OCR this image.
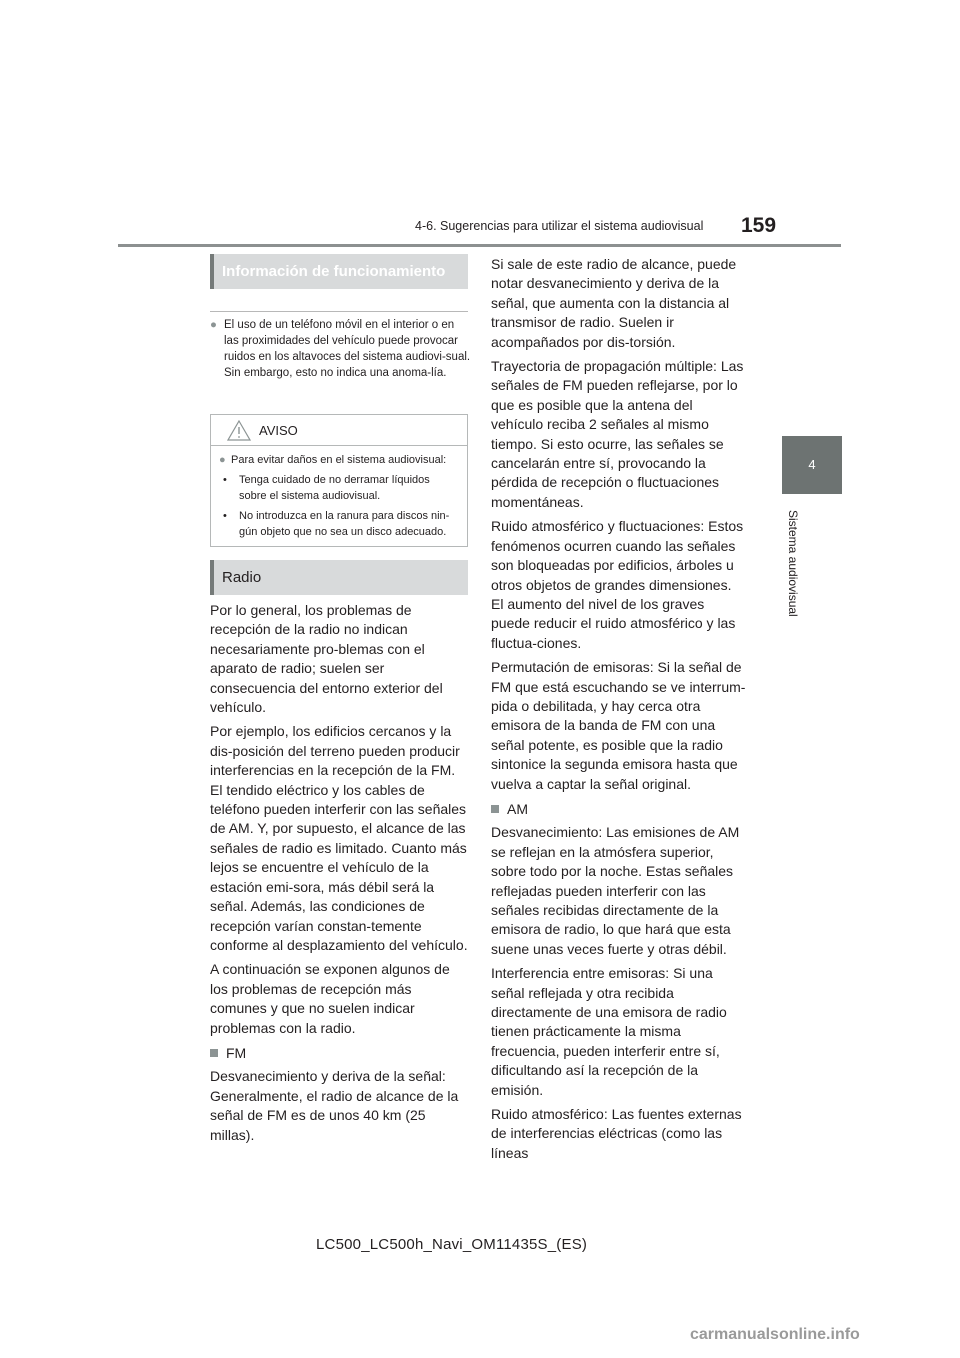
4-6. Sugerencias para utilizar el sistema audiovisual 159
4
Sistema audiovisual
Información de funcionamiento
● El uso de un teléfono móvil en el interior o en las proximidades del vehículo puede provocar ruidos en los altavoces del sistema audiovi-sual. Sin embargo, esto no indica una anoma-lía.
AVISO
● Para evitar daños en el sistema audiovisual:
• Tenga cuidado de no derramar líquidos sobre el sistema audiovisual.
• No introduzca en la ranura para discos nin-gún objeto que no sea un disco adecuado.
Radio

Por lo general, los problemas de recepción de la radio no indican necesariamente pro-blemas con el aparato de radio; suelen ser consecuencia del entorno exterior del vehículo.

Por ejemplo, los edificios cercanos y la dis-posición del terreno pueden producir interferencias en la recepción de la FM. El tendido eléctrico y los cables de teléfono pueden interferir con las señales de AM. Y, por supuesto, el alcance de las señales de radio es limitado. Cuanto más lejos se encuentre el vehículo de la estación emi-sora, más débil será la señal. Además, las condiciones de recepción varían constan-temente conforme al desplazamiento del vehículo.

A continuación se exponen algunos de los problemas de recepción más comunes y que no suelen indicar problemas con la radio.

FM

Desvanecimiento y deriva de la señal: Generalmente, el radio de alcance de la señal de FM es de unos 40 km (25 millas).

Si sale de este radio de alcance, puede notar desvanecimiento y deriva de la señal, que aumenta con la distancia al transmisor de radio. Suelen ir acompañados por dis-torsión.

Trayectoria de propagación múltiple: Las señales de FM pueden reflejarse, por lo que es posible que la antena del vehículo reciba 2 señales al mismo tiempo. Si esto ocurre, las señales se cancelarán entre sí, provocando la pérdida de recepción o fluctuaciones momentáneas.

Ruido atmosférico y fluctuaciones: Estos fenómenos ocurren cuando las señales son bloqueadas por edificios, árboles u otros objetos de grandes dimensiones. El aumento del nivel de los graves puede reducir el ruido atmosférico y las fluctua-ciones.

Permutación de emisoras: Si la señal de FM que está escuchando se ve interrum-pida o debilitada, y hay cerca otra emisora de la banda de FM con una señal potente, es posible que la radio sintonice la segunda emisora hasta que vuelva a captar la señal original.

AM

Desvanecimiento: Las emisiones de AM se reflejan en la atmósfera superior, sobre todo por la noche. Estas señales reflejadas pueden interferir con las señales recibidas directamente de la emisora de radio, lo que hará que esta suene unas veces fuerte y otras débil.

Interferencia entre emisoras: Si una señal reflejada y otra recibida directamente de una emisora de radio tienen prácticamente la misma frecuencia, pueden interferir entre sí, dificultando así la recepción de la emisión.

Ruido atmosférico: Las fuentes externas de interferencias eléctricas (como las líneas

LC500_LC500h_Navi_OM11435S_(ES)
carmanualsonline.info
